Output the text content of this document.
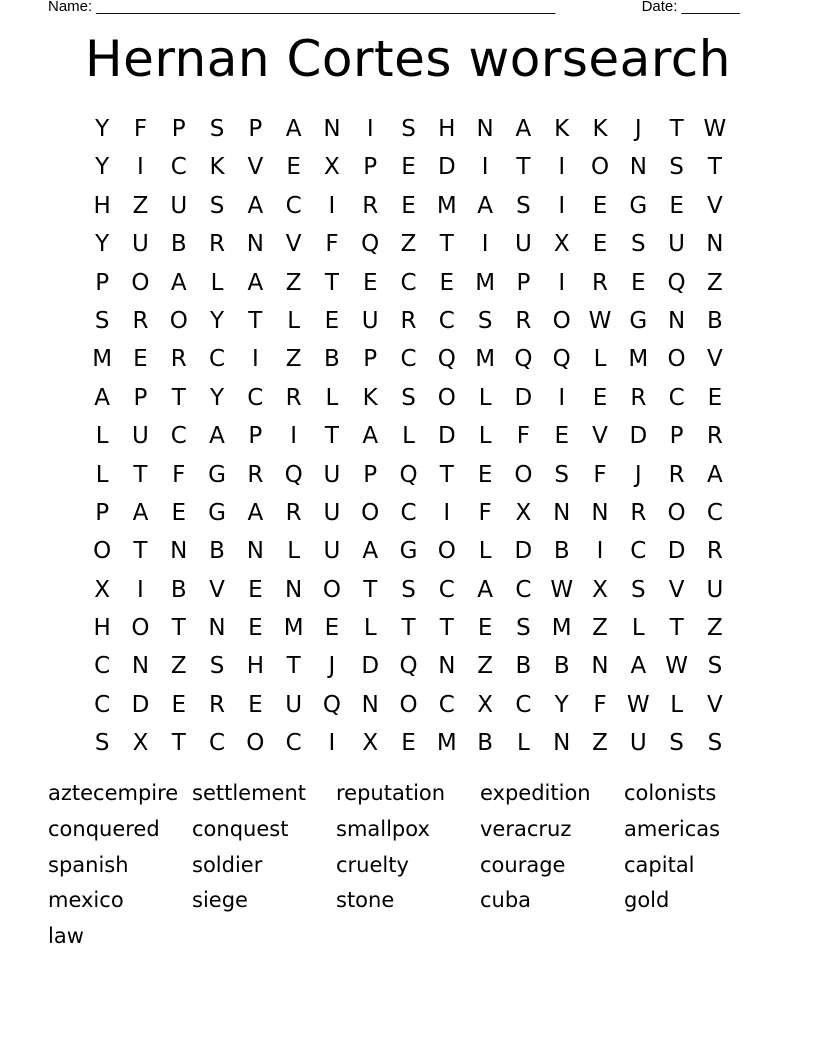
Name: _______________________________________________________	Date: _______
Hernan Cortes worsearch
Y	F	P	S	P	A N	I	S H N A K	K	J	T W
Y	I	C K V	E	X	P	E D	I	T	I	O N S	T
H Z U S	A C	I	R	E M A	S	I	E G E	V
Y U B R N V	F Q Z	T	I	U X	E	S U N
P O A	L	A Z	T	E C	E M P	I	R	E Q Z
S	R O Y	T	L	E U R C S	R O W G N B
M E	R C	I	Z B	P	C Q M Q Q L M O V
A	P	T	Y	C R	L	K	S O L	D	I	E	R C	E
L	U C A	P	I	T	A	L	D	L	F	E	V D P	R
L	T	F G R Q U P Q T	E O S	F	J	R A
P	A	E G A R U O C	I	F	X N N R O C
O T N B N	L	U A G O L	D B	I	C D R
X	I	B V	E N O T	S C A C W X	S	V U
H O T N E M E	L	T	T	E	S M Z	L	T	Z
C N Z	S H T	J	D Q N Z B B N A W S
C D E	R	E U Q N O C X C	Y	F W L	V
S	X	T	C O C	I	X	E M B	L	N Z U S	S
aztecempire settlement	reputation	expedition	colonists
conquered	conquest	smallpox	veracruz	americas
spanish	soldier	cruelty	courage	capital
mexico	siege	stone	cuba	gold
law
